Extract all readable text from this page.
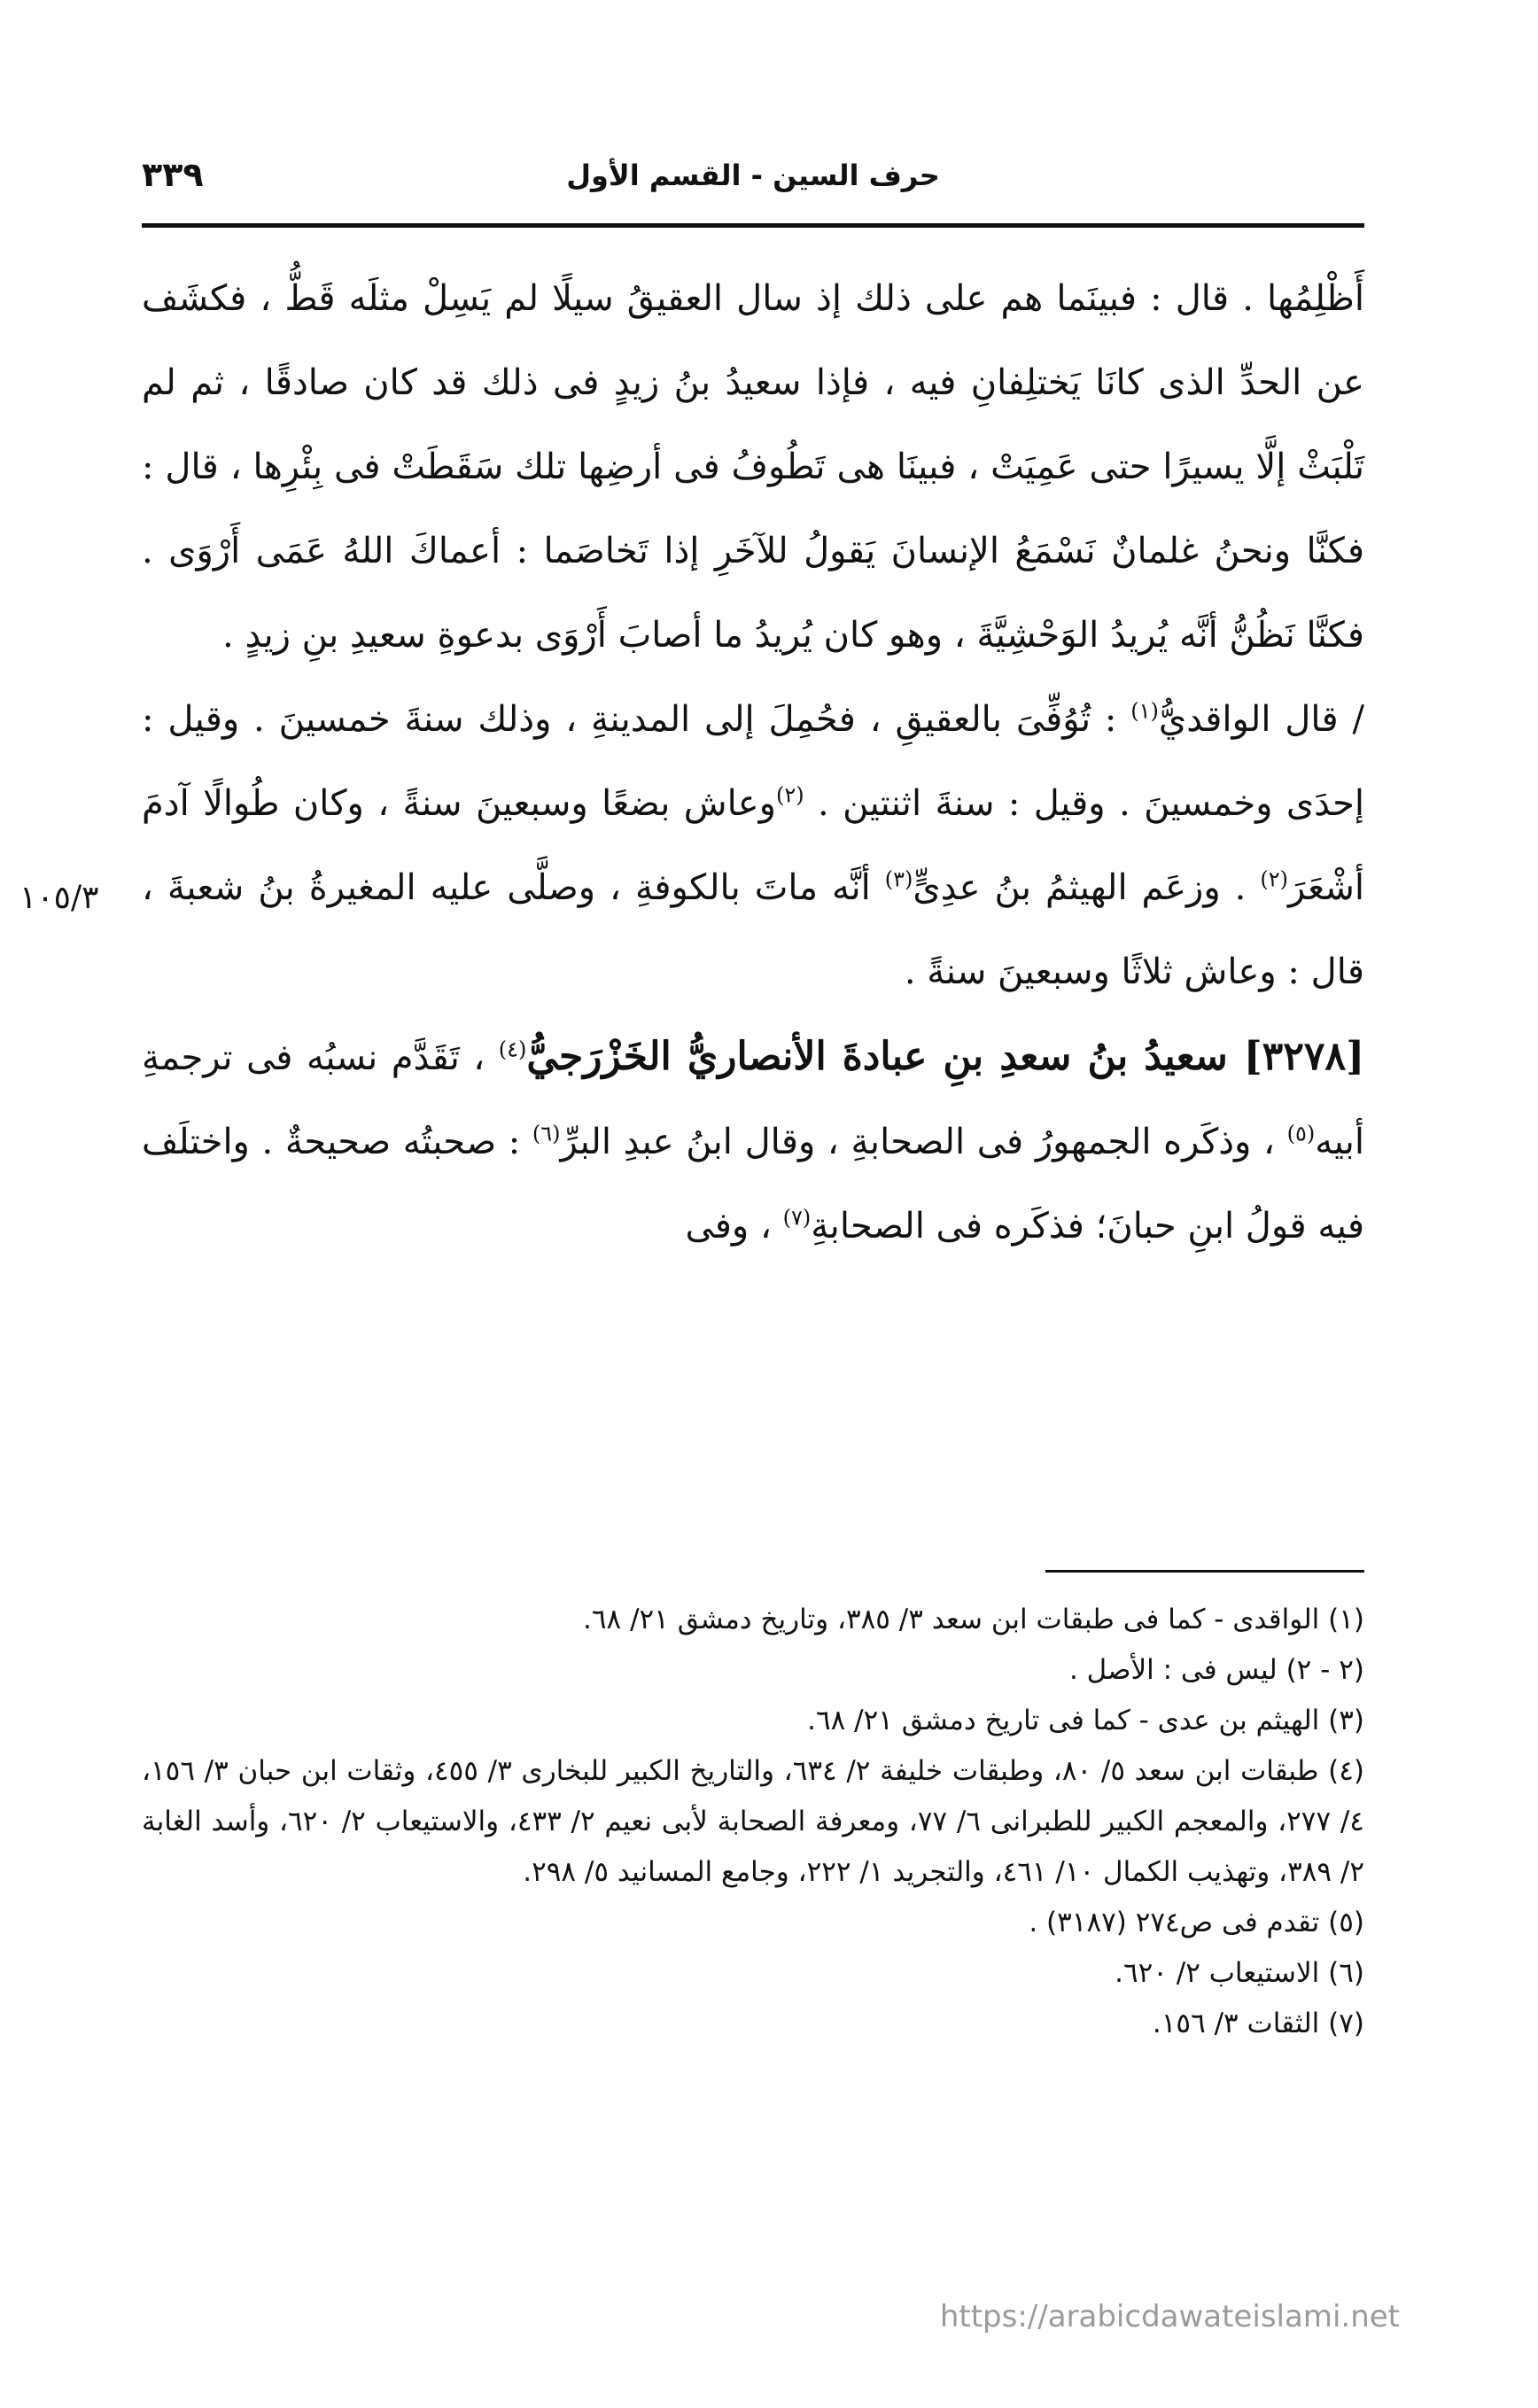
حرف السين - القسم الأول
٣٣٩

أَظْلِمُها . قال : فبينَما هم على ذلك إذ سال العقيقُ سيلًا لم يَسِلْ مثلَه قَطُّ ، فكشَف عن الحدِّ الذى كانَا يَختلِفانِ فيه ، فإذا سعيدُ بنُ زيدٍ فى ذلك قد كان صادقًا ، ثم لم تَلْبَثْ إلَّا يسيرًا حتى عَمِيَتْ ، فبينَا هى تَطُوفُ فى أرضِها تلك سَقَطَتْ فى بِئْرِها ، قال : فكنَّا ونحنُ غلمانٌ نَسْمَعُ الإنسانَ يَقولُ للآخَرِ إذا تَخاصَما : أعماكَ اللهُ عَمَى أَرْوَى . فكنَّا نَظُنُّ أنَّه يُريدُ الوَحْشِيَّةَ ، وهو كان يُريدُ ما أصابَ أَرْوَى بدعوةِ سعيدِ بنِ زيدٍ .

/ قال الواقديُّ$^{(١)}$ : تُوُفِّىَ بالعقيقِ ، فحُمِلَ إلى المدينةِ ، وذلك سنةَ خمسينَ . وقيل : إحدَى وخمسينَ . وقيل : سنةَ اثنتين . $^{(٢)}$وعاش بضعًا وسبعينَ سنةً ، وكان طُوالًا آدمَ أشْعَرَ$^{(٢)}$ . وزعَم الهيثمُ بنُ عدِىٍّ$^{(٣)}$ أنَّه ماتَ بالكوفةِ ، وصلَّى عليه المغيرةُ بنُ شعبةَ ، قال : وعاش ثلاثًا وسبعينَ سنةً .

[٣٢٧٨] سعيدُ بنُ سعدِ بنِ عبادةَ الأنصاريُّ الخَزْرَجيُّ$^{(٤)}$ ، تَقَدَّم نسبُه فى ترجمةِ أبيه$^{(٥)}$ ، وذكَره الجمهورُ فى الصحابةِ ، وقال ابنُ عبدِ البرِّ$^{(٦)}$ : صحبتُه صحيحةٌ . واختلَف فيه قولُ ابنِ حبانَ؛ فذكَره فى الصحابةِ$^{(٧)}$ ، وفى

١٠٥/٣

(١) الواقدى - كما فى طبقات ابن سعد ٣/ ٣٨٥، وتاريخ دمشق ٢١/ ٦٨.

(٢ - ٢) ليس فى : الأصل .

(٣) الهيثم بن عدى - كما فى تاريخ دمشق ٢١/ ٦٨.

(٤) طبقات ابن سعد ٥/ ٨٠، وطبقات خليفة ٢/ ٦٣٤، والتاريخ الكبير للبخارى ٣/ ٤٥٥، وثقات ابن حبان ٣/ ١٥٦، ٤/ ٢٧٧، والمعجم الكبير للطبرانى ٦/ ٧٧، ومعرفة الصحابة لأبى نعيم ٢/ ٤٣٣، والاستيعاب ٢/ ٦٢٠، وأسد الغابة ٢/ ٣٨٩، وتهذيب الكمال ١٠/ ٤٦١، والتجريد ١/ ٢٢٢، وجامع المسانيد ٥/ ٢٩٨.

(٥) تقدم فى ص٢٧٤ (٣١٨٧) .

(٦) الاستيعاب ٢/ ٦٢٠.

(٧) الثقات ٣/ ١٥٦.

https://arabicdawateislami.net
